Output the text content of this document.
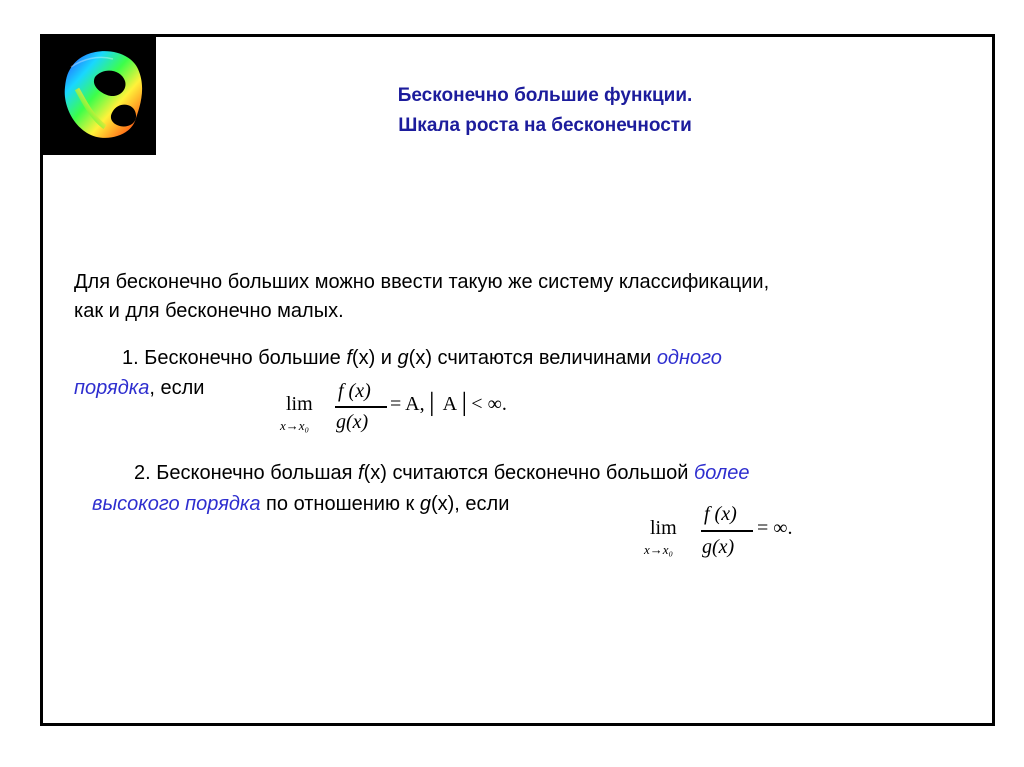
Бесконечно большие функции.
Шкала роста на бесконечности
Для бесконечно больших можно ввести такую же систему классификации,
как и для бесконечно малых.
1. Бесконечно большие f(x) и g(x) считаются величинами одного
порядка, если
lim
x→x₀
f (x)
g(x)
= A,│ A│< ∞.
2. Бесконечно большая f(x) считаются бесконечно большой более
высокого порядка по отношению к g(x), если
lim
x→x₀
f (x)
g(x)
= ∞.
